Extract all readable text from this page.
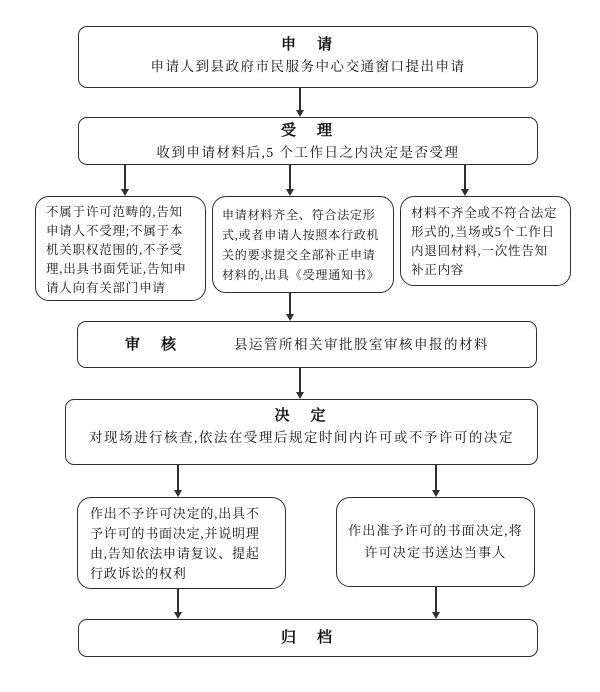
申　请
申请人到县政府市民服务中心交通窗口提出申请
受　理
收到申请材料后,5 个工作日之内决定是否受理
不属于许可范畴的,告知申请人不受理;不属于本机关职权范围的,不予受理,出具书面凭证,告知申请人向有关部门申请
申请材料齐全、符合法定形式,或者申请人按照本行政机关的要求提交全部补正申请材料的,出具《受理通知书》
材料不齐全或不符合法定形式的,当场或5个工作日内退回材料,一次性告知补正内容
审　核	县运管所相关审批股室审核申报的材料
决　定
对现场进行核查,依法在受理后规定时间内许可或不予许可的决定
作出不予许可决定的,出具不予许可的书面决定,并说明理由,告知依法申请复议、提起行政诉讼的权利
作出准予许可的书面决定,将许可决定书送达当事人
归　档
